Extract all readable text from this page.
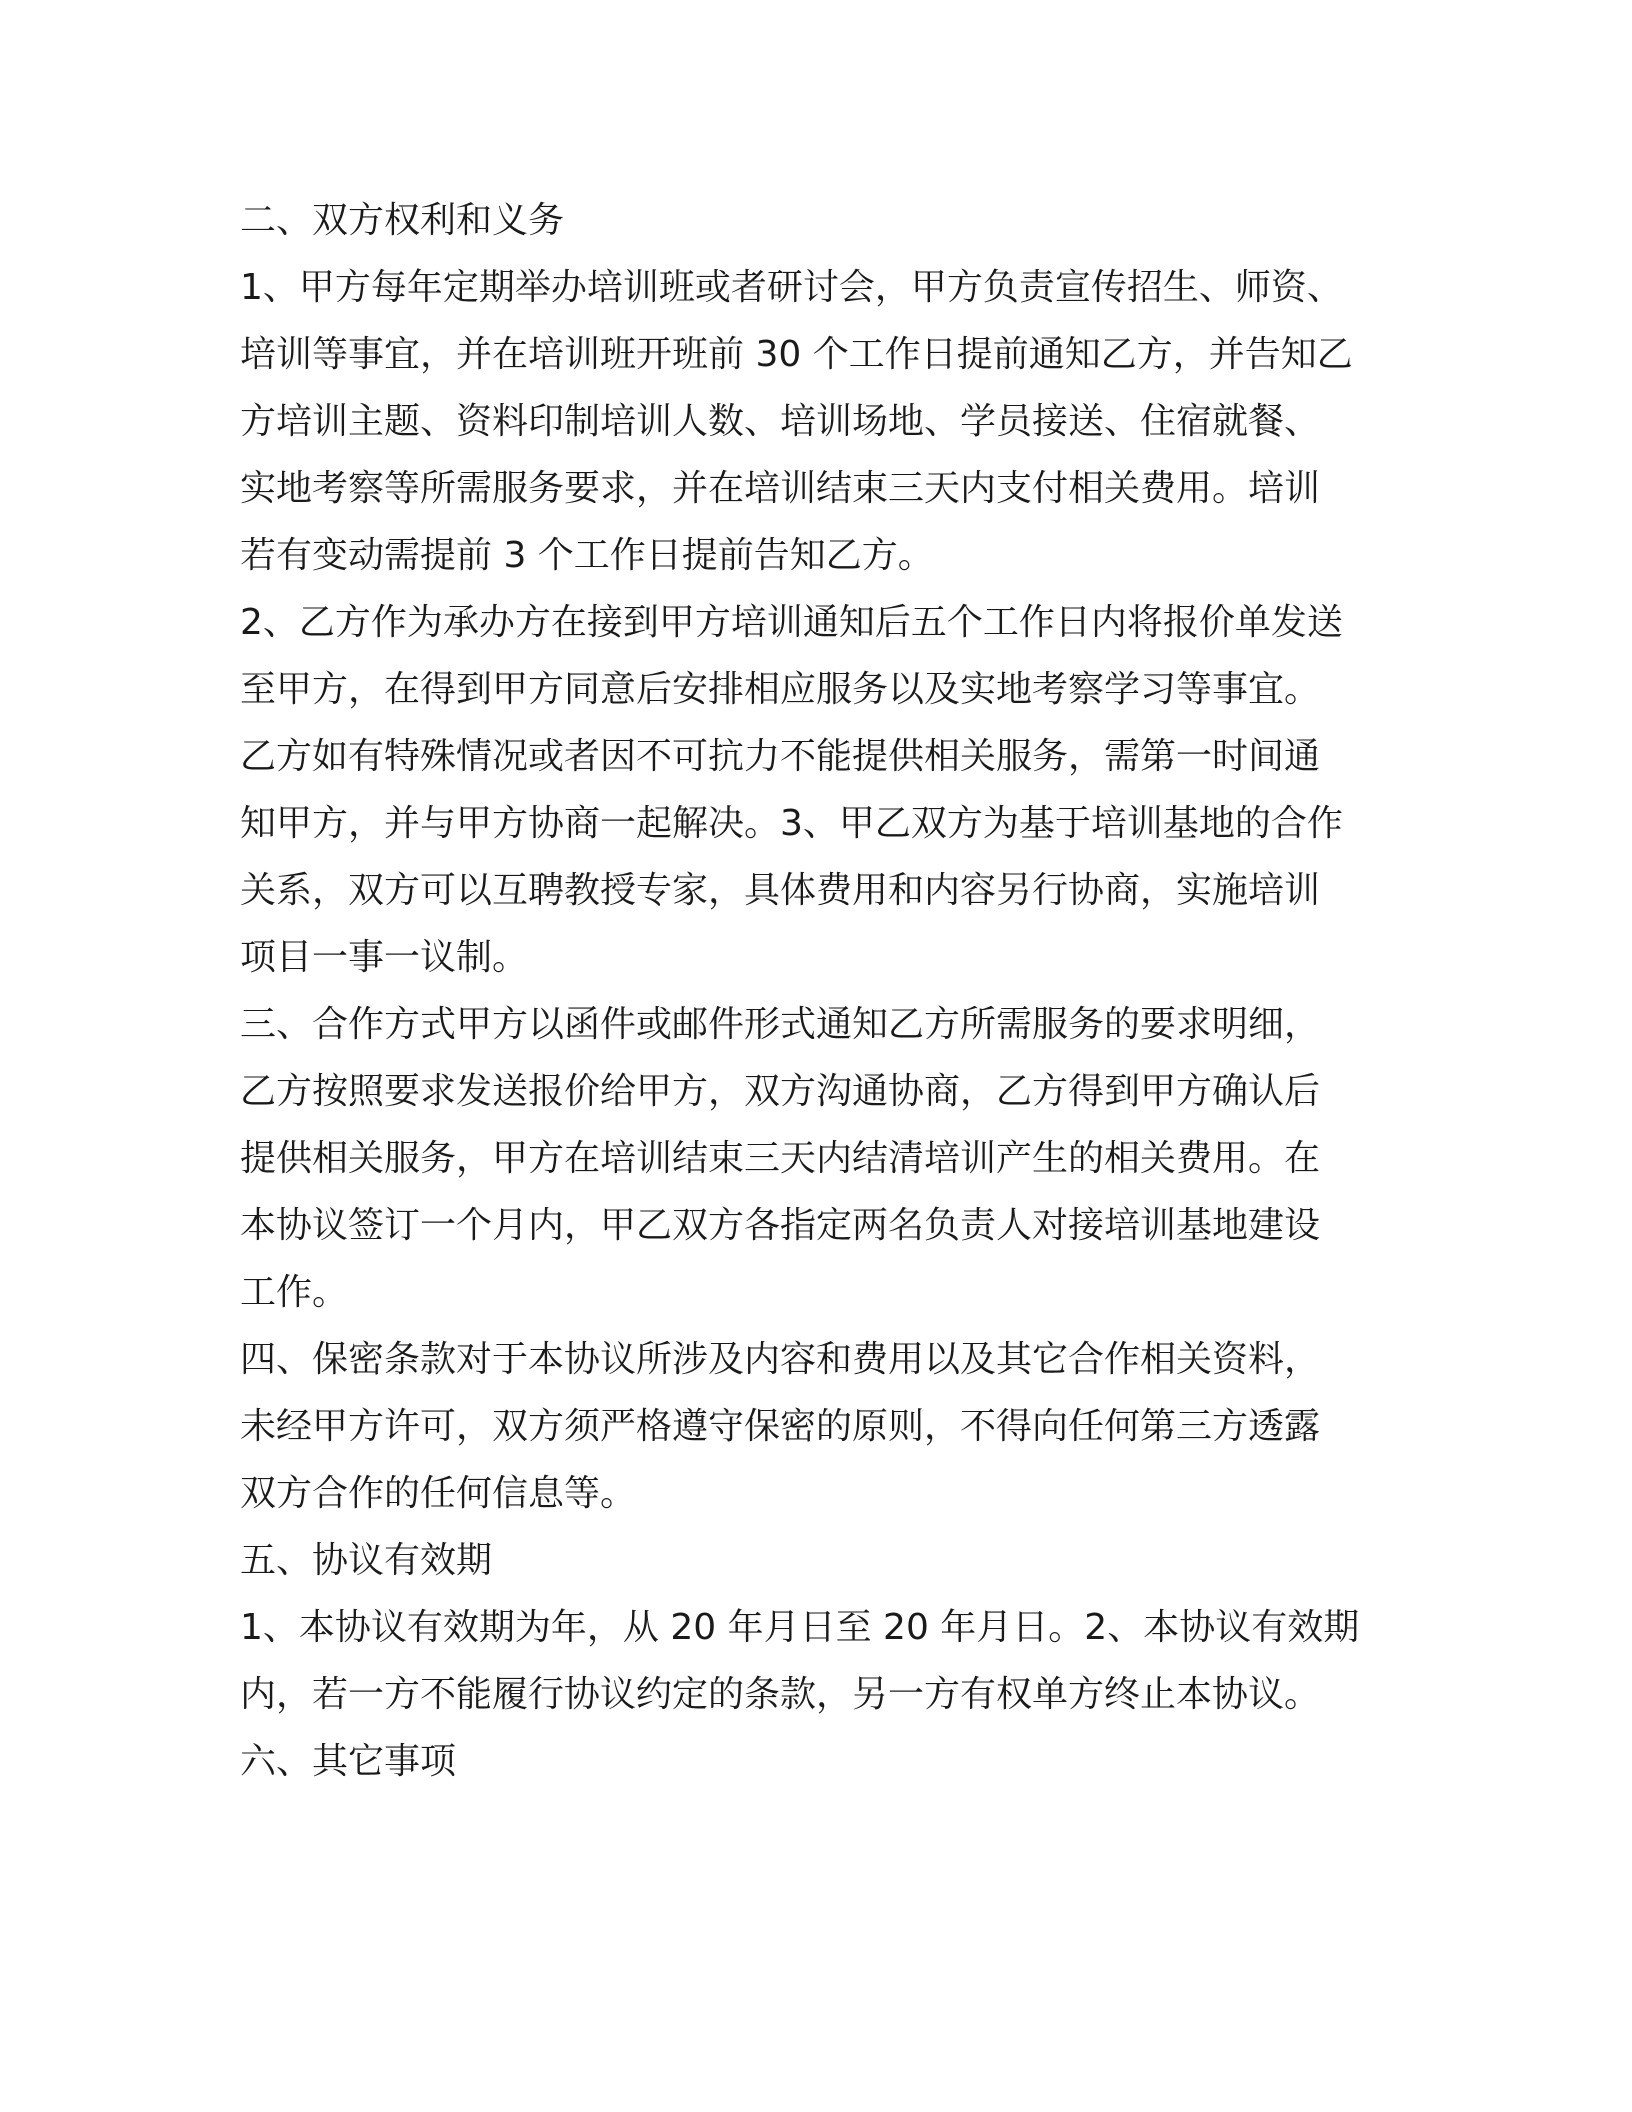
二、双方权利和义务
1、甲方每年定期举办培训班或者研讨会，甲方负责宣传招生、师资、
培训等事宜，并在培训班开班前 30 个工作日提前通知乙方，并告知乙
方培训主题、资料印制培训人数、培训场地、学员接送、住宿就餐、
实地考察等所需服务要求，并在培训结束三天内支付相关费用。培训
若有变动需提前 3 个工作日提前告知乙方。
2、乙方作为承办方在接到甲方培训通知后五个工作日内将报价单发送
至甲方，在得到甲方同意后安排相应服务以及实地考察学习等事宜。
乙方如有特殊情况或者因不可抗力不能提供相关服务，需第一时间通
知甲方，并与甲方协商一起解决。3、甲乙双方为基于培训基地的合作
关系，双方可以互聘教授专家，具体费用和内容另行协商，实施培训
项目一事一议制。
三、合作方式甲方以函件或邮件形式通知乙方所需服务的要求明细，
乙方按照要求发送报价给甲方，双方沟通协商，乙方得到甲方确认后
提供相关服务，甲方在培训结束三天内结清培训产生的相关费用。在
本协议签订一个月内，甲乙双方各指定两名负责人对接培训基地建设
工作。
四、保密条款对于本协议所涉及内容和费用以及其它合作相关资料，
未经甲方许可，双方须严格遵守保密的原则，不得向任何第三方透露
双方合作的任何信息等。
五、协议有效期
1、本协议有效期为年，从 20 年月日至 20 年月日。2、本协议有效期
内，若一方不能履行协议约定的条款，另一方有权单方终止本协议。
六、其它事项
